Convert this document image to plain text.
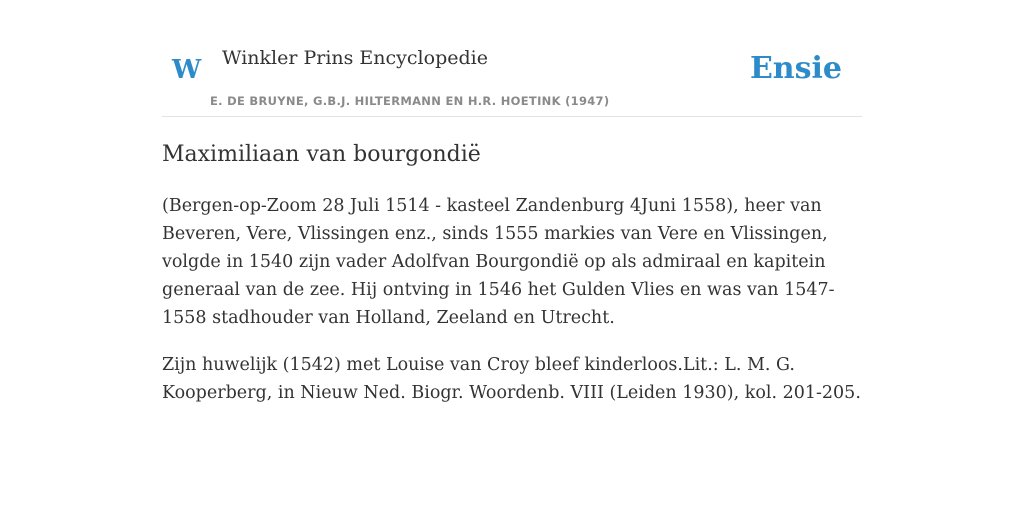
W Winkler Prins Encyclopedie
E. DE BRUYNE, G.B.J. HILTERMANN EN H.R. HOETINK (1947)
Ensie
Maximiliaan van bourgondië

(Bergen-op-Zoom 28 Juli 1514 - kasteel Zandenburg 4Juni 1558), heer van Beveren, Vere, Vlissingen enz., sinds 1555 markies van Vere en Vlissingen, volgde in 1540 zijn vader Adolfvan Bourgondië op als admiraal en kapitein generaal van de zee. Hij ontving in 1546 het Gulden Vlies en was van 1547-1558 stadhouder van Holland, Zeeland en Utrecht.

Zijn huwelijk (1542) met Louise van Croy bleef kinderloos.Lit.: L. M. G. Kooperberg, in Nieuw Ned. Biogr. Woordenb. VIII (Leiden 1930), kol. 201-205.
